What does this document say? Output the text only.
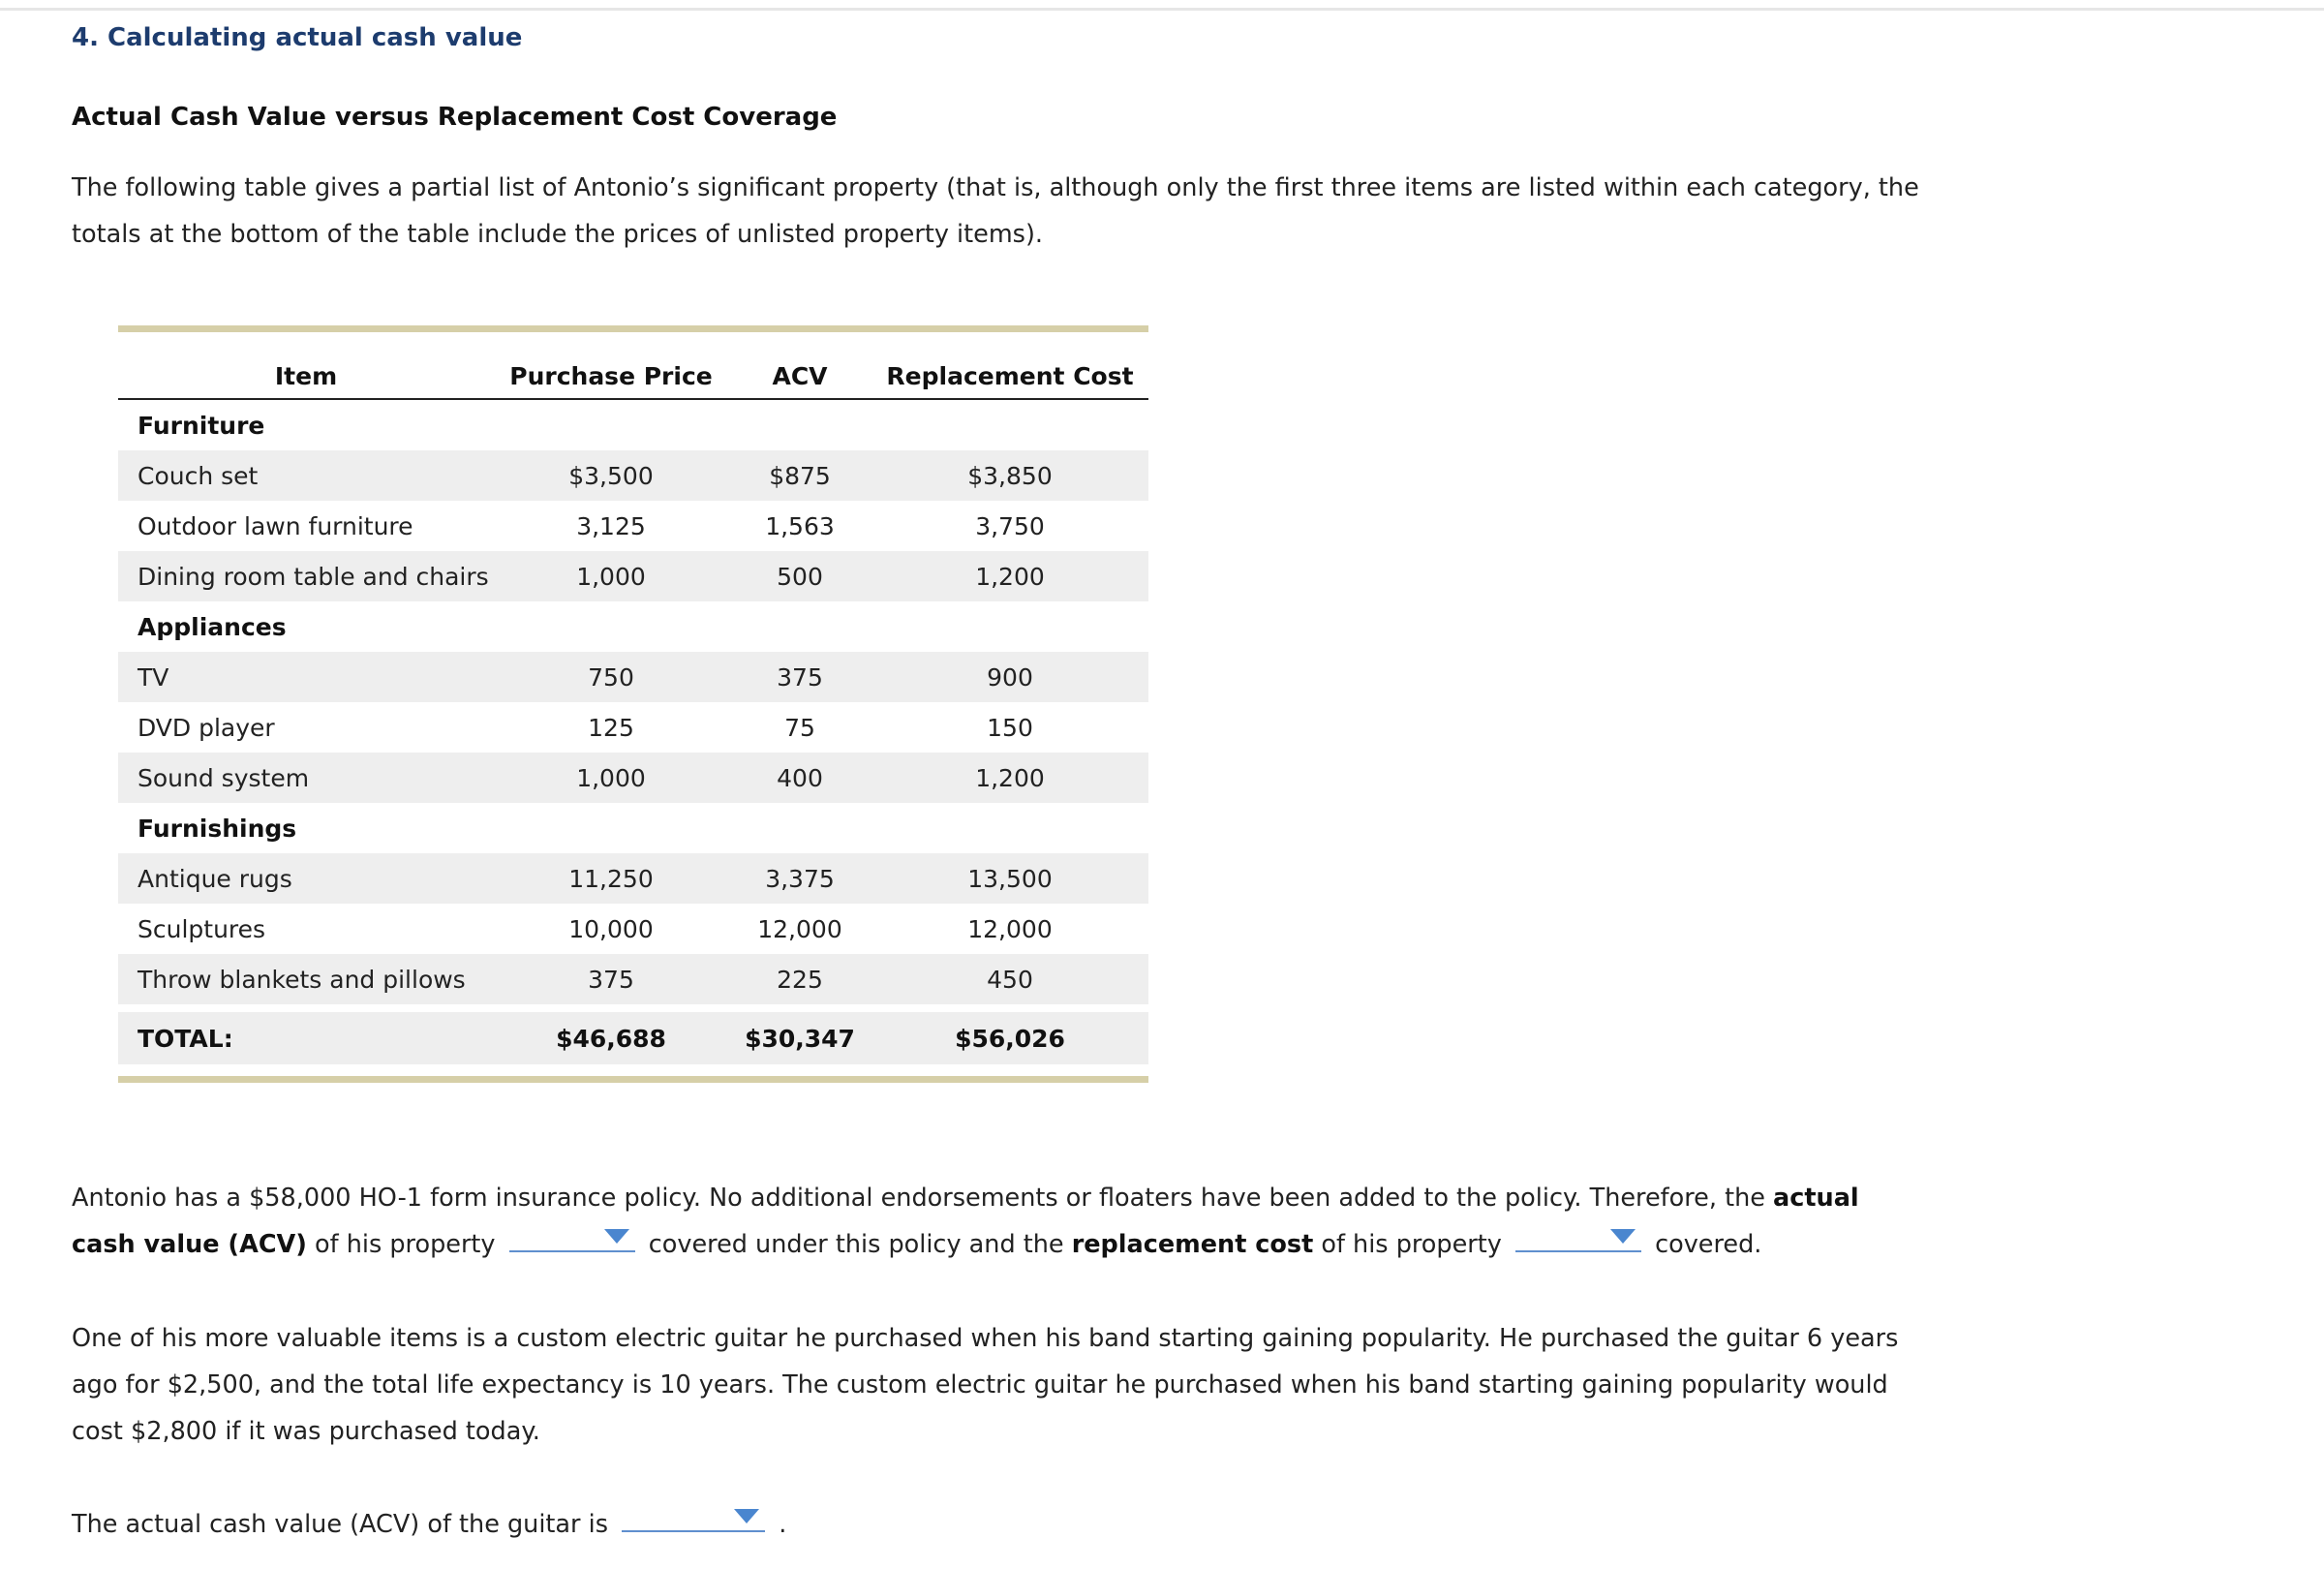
4. Calculating actual cash value
Actual Cash Value versus Replacement Cost Coverage
The following table gives a partial list of Antonio’s significant property (that is, although only the first three items are listed within each category, the totals at the bottom of the table include the prices of unlisted property items).
Item	Purchase Price	ACV	Replacement Cost
Furniture			
Couch set	$3,500	$875	$3,850
Outdoor lawn furniture	3,125	1,563	3,750
Dining room table and chairs	1,000	500	1,200
Appliances			
TV	750	375	900
DVD player	125	75	150
Sound system	1,000	400	1,200
Furnishings			
Antique rugs	11,250	3,375	13,500
Sculptures	10,000	12,000	12,000
Throw blankets and pillows	375	225	450

TOTAL:	$46,688	$30,347	$56,026
Antonio has a $58,000 HO-1 form insurance policy. No additional endorsements or floaters have been added to the policy. Therefore, the actual cash value (ACV) of his property	covered under this policy and the replacement cost of his property	covered.
One of his more valuable items is a custom electric guitar he purchased when his band starting gaining popularity. He purchased the guitar 6 years ago for $2,500, and the total life expectancy is 10 years. The custom electric guitar he purchased when his band starting gaining popularity would cost $2,800 if it was purchased today.
The actual cash value (ACV) of the guitar is	.
